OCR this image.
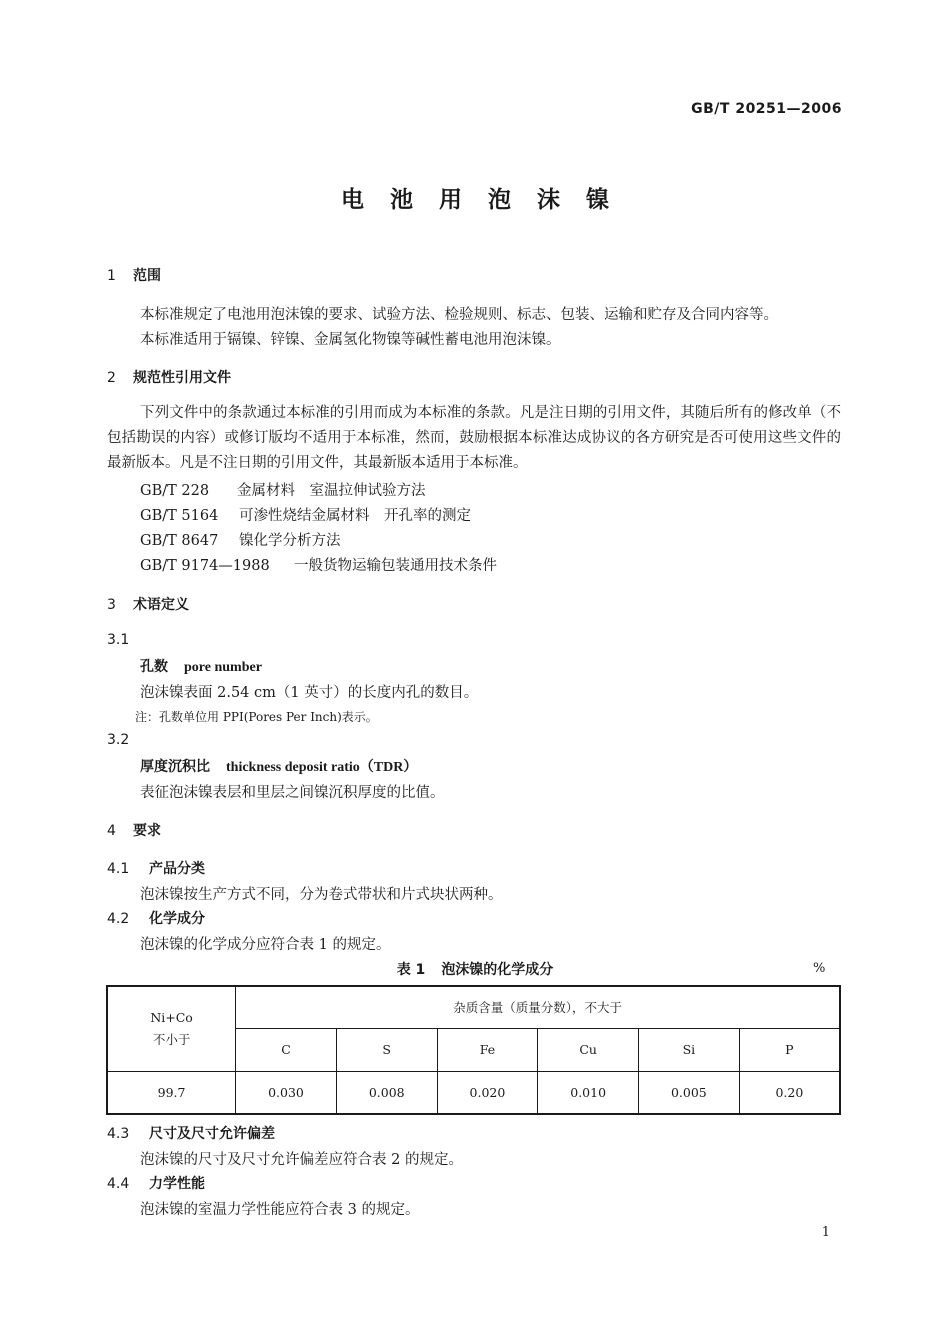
GB/T 20251—2006
电池用泡沫镍
1 范围
本标准规定了电池用泡沫镍的要求、试验方法、检验规则、标志、包装、运输和贮存及合同内容等。
本标准适用于镉镍、锌镍、金属氢化物镍等碱性蓄电池用泡沫镍。
2 规范性引用文件
下列文件中的条款通过本标准的引用而成为本标准的条款。凡是注日期的引用文件，其随后所有的修改单（不包括勘误的内容）或修订版均不适用于本标准，然而，鼓励根据本标准达成协议的各方研究是否可使用这些文件的最新版本。凡是不注日期的引用文件，其最新版本适用于本标准。
GB/T 228 金属材料　室温拉伸试验方法
GB/T 5164 可渗性烧结金属材料　开孔率的测定
GB/T 8647 镍化学分析方法
GB/T 9174—1988 一般货物运输包装通用技术条件
3 术语定义
3.1
孔数 pore number
泡沫镍表面 2.54 cm（1 英寸）的长度内孔的数目。
注：孔数单位用 PPI(Pores Per Inch)表示。
3.2
厚度沉积比 thickness deposit ratio（TDR）
表征泡沫镍表层和里层之间镍沉积厚度的比值。
4 要求
4.1 产品分类
泡沫镍按生产方式不同，分为卷式带状和片式块状两种。
4.2 化学成分
泡沫镍的化学成分应符合表 1 的规定。
表 1 泡沫镍的化学成分	%
Ni+Co
不小于	杂质含量（质量分数），不大于					
	C	S	Fe	Cu	Si	P
99.7	0.030	0.008	0.020	0.010	0.005	0.20
4.3 尺寸及尺寸允许偏差
泡沫镍的尺寸及尺寸允许偏差应符合表 2 的规定。
4.4 力学性能
泡沫镍的室温力学性能应符合表 3 的规定。
1
